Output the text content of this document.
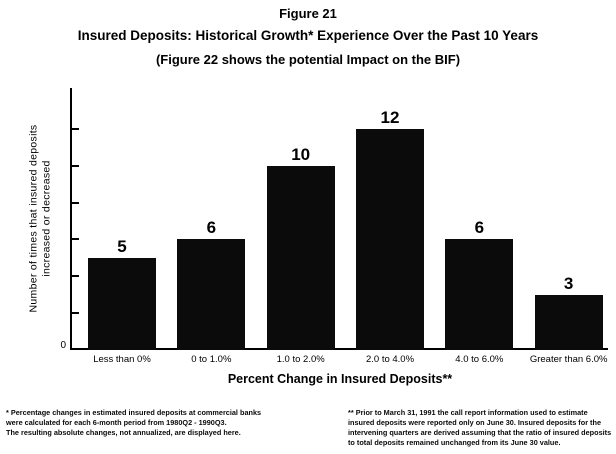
Figure 21
Insured Deposits: Historical Growth* Experience Over the Past 10 Years
(Figure 22 shows the potential Impact on the BIF)
Number of times that insured deposits increased or decreased
0
5
Less than 0%
6
0 to 1.0%
10
1.0 to 2.0%
12
2.0 to 4.0%
6
4.0 to 6.0%
3
Greater than 6.0%
Percent Change in Insured Deposits**
* Percentage changes in estimated insured deposits at commercial banks
were calculated for each 6-month period from 1980Q2 - 1990Q3.
The resulting absolute changes, not annualized, are displayed here.
** Prior to March 31, 1991 the call report information used to estimate
insured deposits were reported only on June 30. Insured deposits for the
intervening quarters are derived assuming that the ratio of insured deposits
to total deposits remained unchanged from its June 30 value.
